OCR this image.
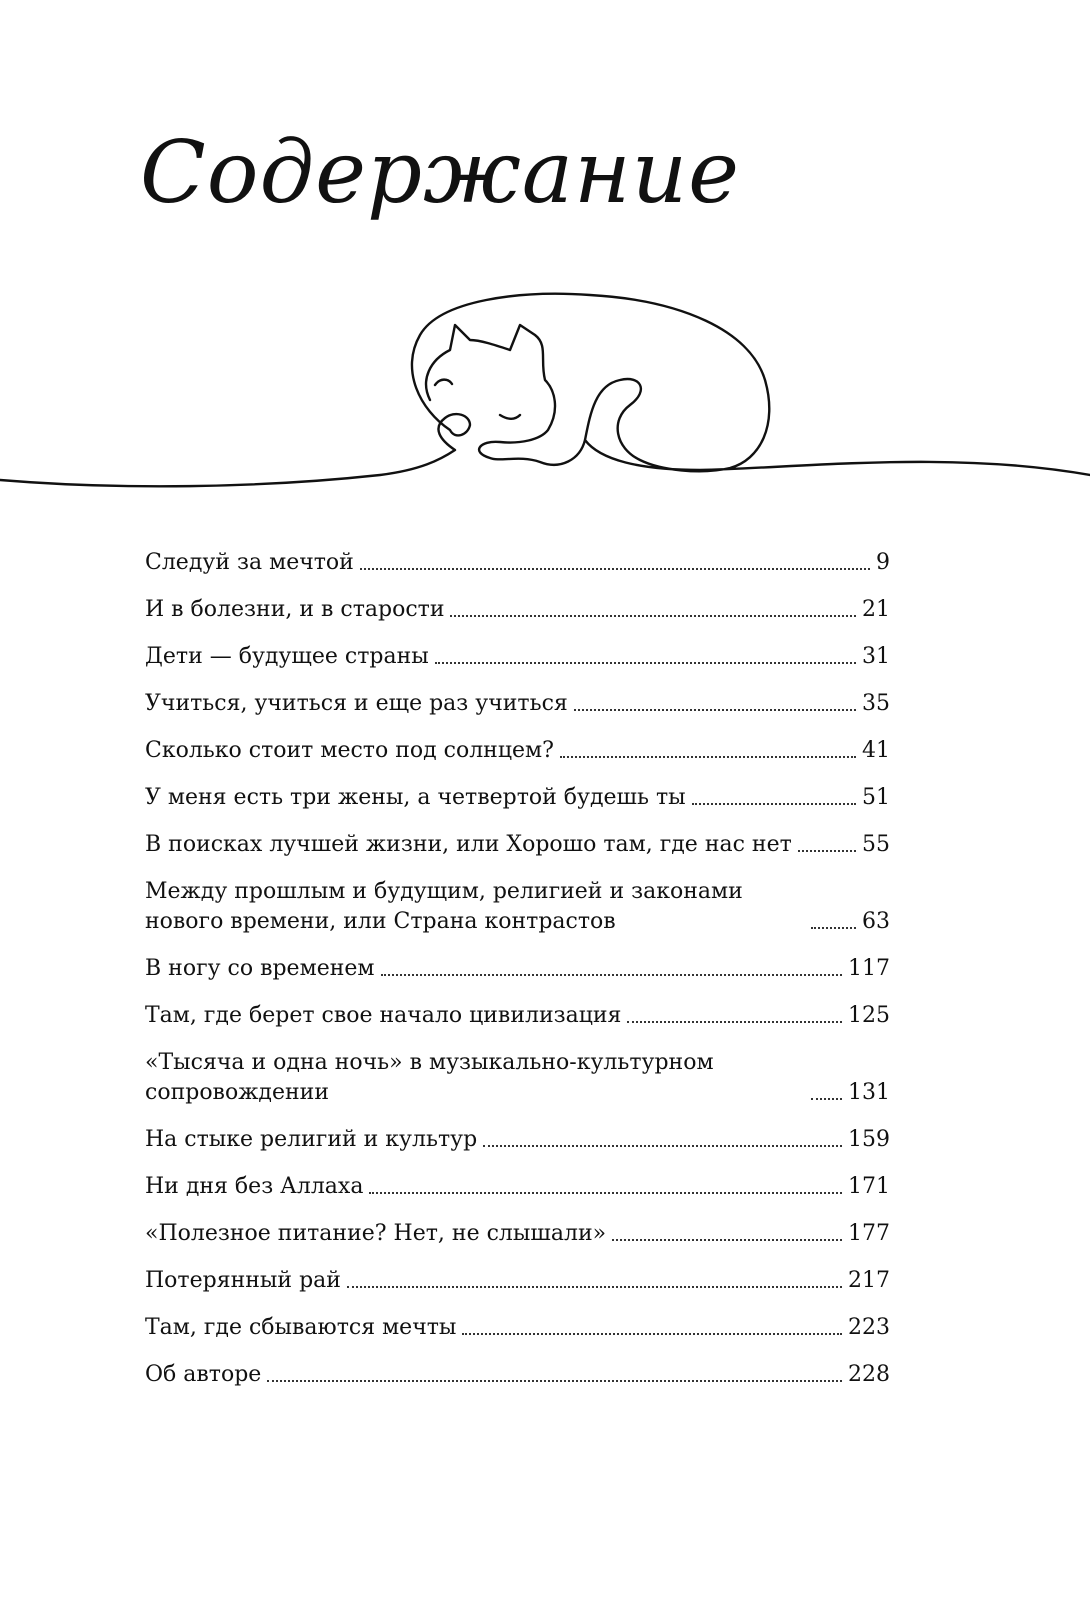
Содержание
Следуй за мечтой	9
И в болезни, и в старости	21
Дети — будущее страны	31
Учиться, учиться и еще раз учиться	35
Сколько стоит место под солнцем?	41
У меня есть три жены, а четвертой будешь ты	51
В поисках лучшей жизни, или Хорошо там, где нас нет	55
Между прошлым и будущим, религией и законами нового времени, или Страна контрастов	63
В ногу со временем	117
Там, где берет свое начало цивилизация	125
«Тысяча и одна ночь» в музыкально-культурном сопровождении	131
На стыке религий и культур	159
Ни дня без Аллаха	171
«Полезное питание? Нет, не слышали»	177
Потерянный рай	217
Там, где сбываются мечты	223
Об авторе	228
